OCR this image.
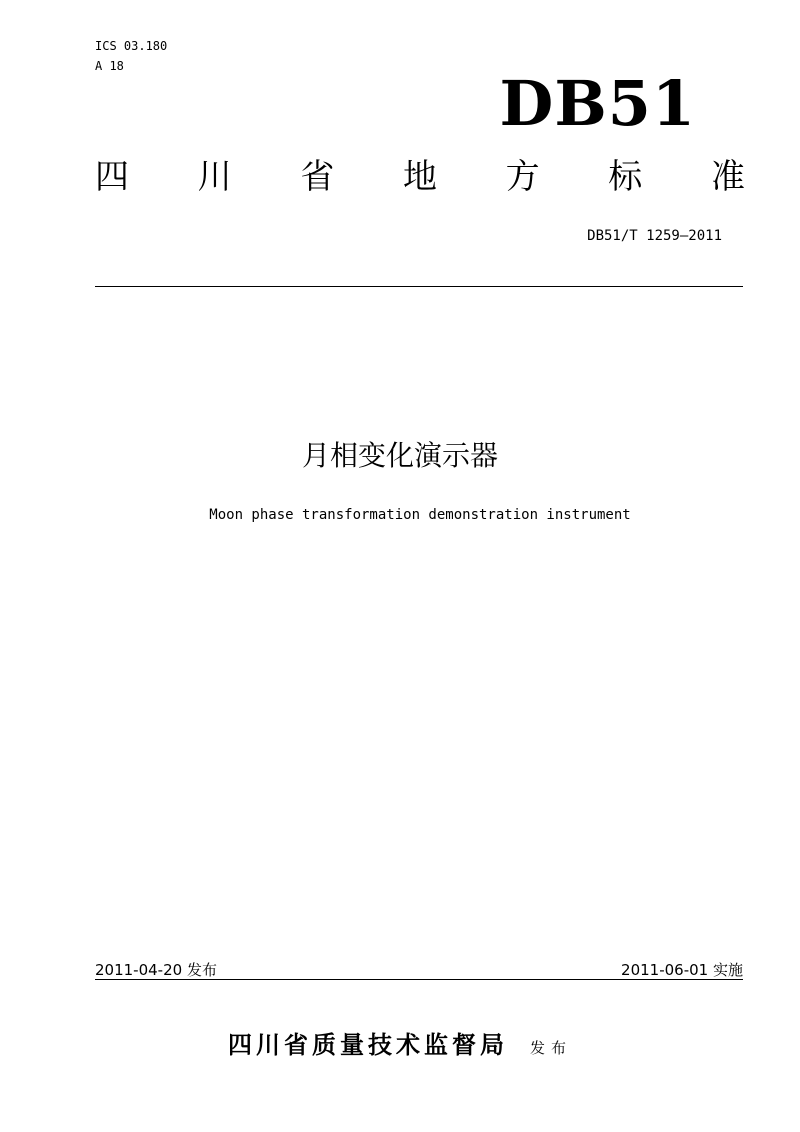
ICS 03.180
A 18
DB51
四 川 省 地 方 标 准
DB51/T 1259—2011
月相变化演示器
Moon phase transformation demonstration instrument
2011-04-20 发布	2011-06-01 实施
四川省质量技术监督局 发布
